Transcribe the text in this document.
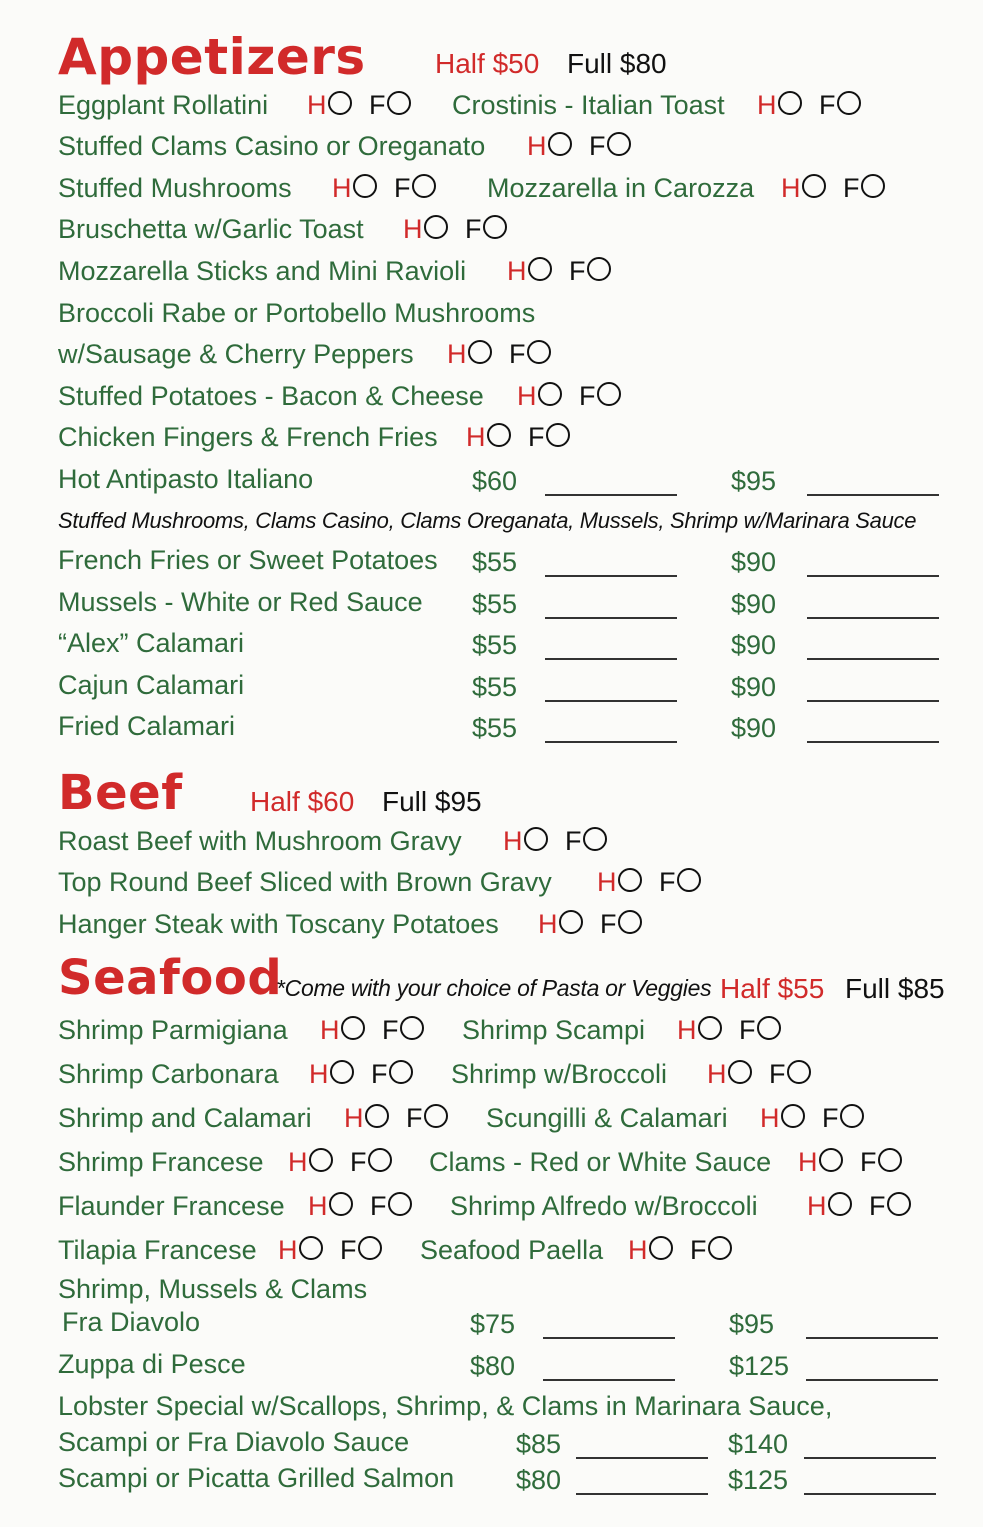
Appetizers Half $50 Full $80
Eggplant Rollatini H F	Crostinis - Italian Toast H F
Stuffed Clams Casino or Oreganato H F
Stuffed Mushrooms H F	Mozzarella in Carozza H F
Bruschetta w/Garlic Toast H F
Mozzarella Sticks and Mini Ravioli H F
Broccoli Rabe or Portobello Mushrooms
w/Sausage & Cherry Peppers H F
Stuffed Potatoes - Bacon & Cheese H F
Chicken Fingers & French Fries H F
Hot Antipasto Italiano	$60	$95
Stuffed Mushrooms, Clams Casino, Clams Oreganata, Mussels, Shrimp w/Marinara Sauce
French Fries or Sweet Potatoes $55	$90
Mussels - White or Red Sauce $55	$90
“Alex” Calamari	$55	$90
Cajun Calamari	$55	$90
Fried Calamari	$55	$90
Beef Half $60 Full $95
Roast Beef with Mushroom Gravy H F
Top Round Beef Sliced with Brown Gravy H F
Hanger Steak with Toscany Potatoes H F
Seafood
*Come with your choice of Pasta or Veggies Half $55 Full $85
Shrimp Parmigiana H F	Shrimp Scampi H F
Shrimp Carbonara H F	Shrimp w/Broccoli H F
Shrimp and Calamari H F	Scungilli & Calamari H F
Shrimp Francese H F	Clams - Red or White Sauce H F
Flaunder Francese H F	Shrimp Alfredo w/Broccoli H F
Tilapia Francese H F	Seafood Paella H F
Shrimp, Mussels & Clams
Fra Diavolo	$75	$95
Zuppa di Pesce	$80	$125
Lobster Special w/Scallops, Shrimp, & Clams in Marinara Sauce,
Scampi or Fra Diavolo Sauce	$85	$140
Scampi or Picatta Grilled Salmon $80	$125
